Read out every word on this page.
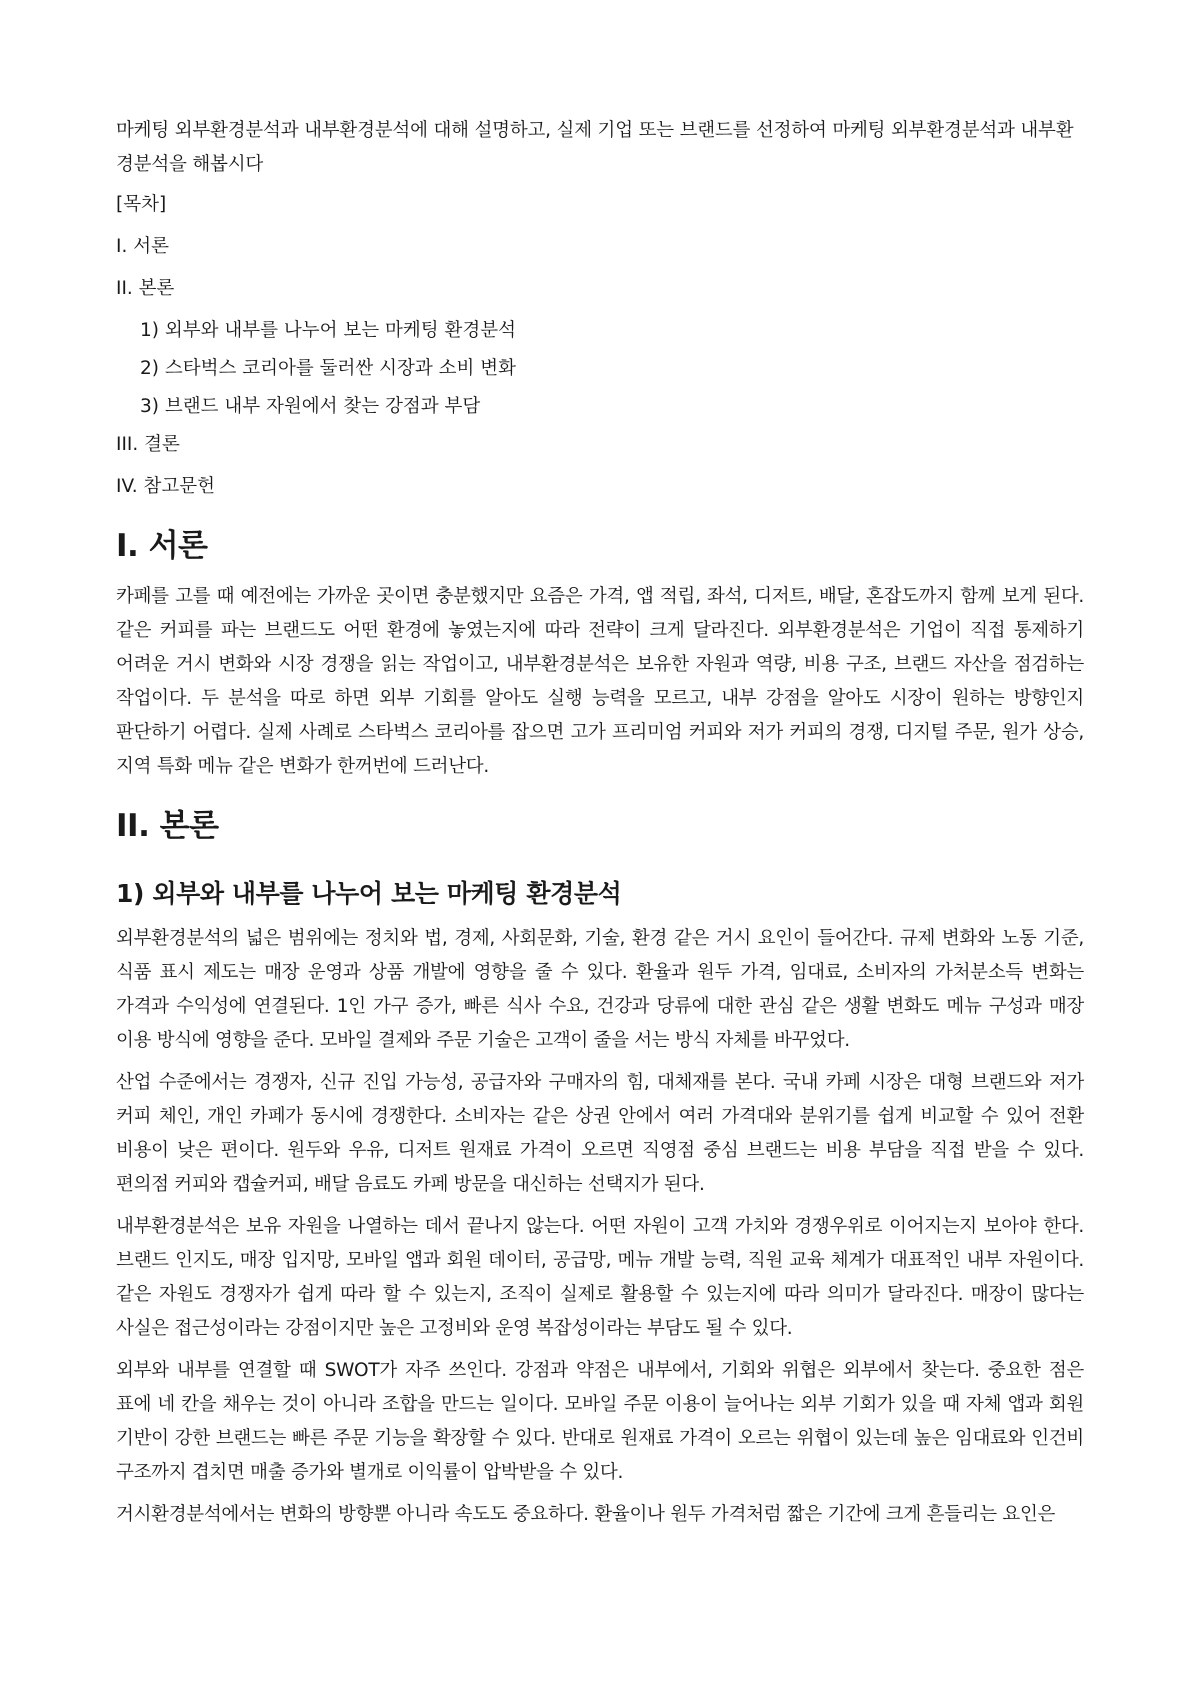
마케팅 외부환경분석과 내부환경분석에 대해 설명하고, 실제 기업 또는 브랜드를 선정하여 마케팅 외부환경분석과 내부환경분석을 해봅시다

[목차]
I. 서론
II. 본론
1) 외부와 내부를 나누어 보는 마케팅 환경분석
2) 스타벅스 코리아를 둘러싼 시장과 소비 변화
3) 브랜드 내부 자원에서 찾는 강점과 부담
III. 결론
IV. 참고문헌
I. 서론

카페를 고를 때 예전에는 가까운 곳이면 충분했지만 요즘은 가격, 앱 적립, 좌석, 디저트, 배달, 혼잡도까지 함께 보게 된다. 같은 커피를 파는 브랜드도 어떤 환경에 놓였는지에 따라 전략이 크게 달라진다. 외부환경분석은 기업이 직접 통제하기 어려운 거시 변화와 시장 경쟁을 읽는 작업이고, 내부환경분석은 보유한 자원과 역량, 비용 구조, 브랜드 자산을 점검하는 작업이다. 두 분석을 따로 하면 외부 기회를 알아도 실행 능력을 모르고, 내부 강점을 알아도 시장이 원하는 방향인지 판단하기 어렵다. 실제 사례로 스타벅스 코리아를 잡으면 고가 프리미엄 커피와 저가 커피의 경쟁, 디지털 주문, 원가 상승, 지역 특화 메뉴 같은 변화가 한꺼번에 드러난다.

II. 본론
1) 외부와 내부를 나누어 보는 마케팅 환경분석

외부환경분석의 넓은 범위에는 정치와 법, 경제, 사회문화, 기술, 환경 같은 거시 요인이 들어간다. 규제 변화와 노동 기준, 식품 표시 제도는 매장 운영과 상품 개발에 영향을 줄 수 있다. 환율과 원두 가격, 임대료, 소비자의 가처분소득 변화는 가격과 수익성에 연결된다. 1인 가구 증가, 빠른 식사 수요, 건강과 당류에 대한 관심 같은 생활 변화도 메뉴 구성과 매장 이용 방식에 영향을 준다. 모바일 결제와 주문 기술은 고객이 줄을 서는 방식 자체를 바꾸었다.

산업 수준에서는 경쟁자, 신규 진입 가능성, 공급자와 구매자의 힘, 대체재를 본다. 국내 카페 시장은 대형 브랜드와 저가 커피 체인, 개인 카페가 동시에 경쟁한다. 소비자는 같은 상권 안에서 여러 가격대와 분위기를 쉽게 비교할 수 있어 전환 비용이 낮은 편이다. 원두와 우유, 디저트 원재료 가격이 오르면 직영점 중심 브랜드는 비용 부담을 직접 받을 수 있다. 편의점 커피와 캡슐커피, 배달 음료도 카페 방문을 대신하는 선택지가 된다.

내부환경분석은 보유 자원을 나열하는 데서 끝나지 않는다. 어떤 자원이 고객 가치와 경쟁우위로 이어지는지 보아야 한다. 브랜드 인지도, 매장 입지망, 모바일 앱과 회원 데이터, 공급망, 메뉴 개발 능력, 직원 교육 체계가 대표적인 내부 자원이다. 같은 자원도 경쟁자가 쉽게 따라 할 수 있는지, 조직이 실제로 활용할 수 있는지에 따라 의미가 달라진다. 매장이 많다는 사실은 접근성이라는 강점이지만 높은 고정비와 운영 복잡성이라는 부담도 될 수 있다.

외부와 내부를 연결할 때 SWOT가 자주 쓰인다. 강점과 약점은 내부에서, 기회와 위협은 외부에서 찾는다. 중요한 점은 표에 네 칸을 채우는 것이 아니라 조합을 만드는 일이다. 모바일 주문 이용이 늘어나는 외부 기회가 있을 때 자체 앱과 회원 기반이 강한 브랜드는 빠른 주문 기능을 확장할 수 있다. 반대로 원재료 가격이 오르는 위협이 있는데 높은 임대료와 인건비 구조까지 겹치면 매출 증가와 별개로 이익률이 압박받을 수 있다.

거시환경분석에서는 변화의 방향뿐 아니라 속도도 중요하다. 환율이나 원두 가격처럼 짧은 기간에 크게 흔들리는 요인은
